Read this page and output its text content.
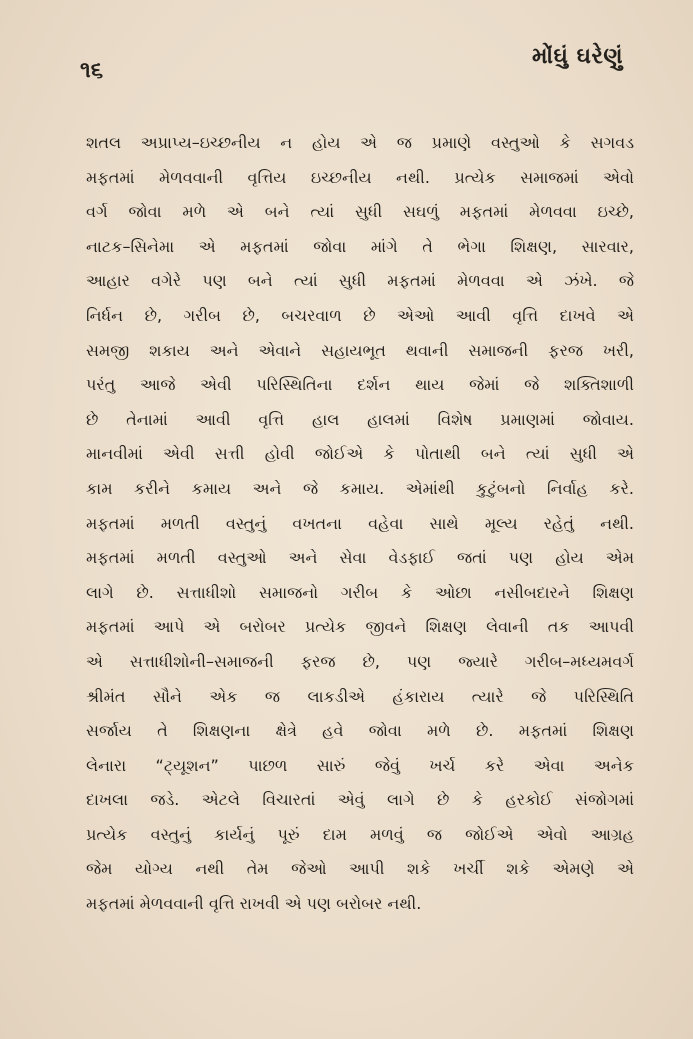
૧૬
મોંઘું ઘરેણું
શતલ અપ્રાપ્ય–ઇચ્છનીય ન હોય એ જ પ્રમાણે વસ્તુઓ કે સગવડ
મફતમાં મેળવવાની વૃત્તિય ઇચ્છનીય નથી. પ્રત્યેક સમાજમાં એવો
વર્ગ જોવા મળે એ બને ત્યાં સુધી સઘળું મફતમાં મેળવવા ઇચ્છે,
નાટક–સિનેમા એ મફતમાં જોવા માંગે તે ભેગા શિક્ષણ, સારવાર,
આહાર વગેરે પણ બને ત્યાં સુધી મફતમાં મેળવવા એ ઝંખે. જે
નિર્ધન છે, ગરીબ છે, બચરવાળ છે એઓ આવી વૃત્તિ દાખવે એ
સમજી શકાય અને એવાને સહાયભૂત થવાની સમાજની ફરજ ખરી,
પરંતુ આજે એવી પરિસ્થિતિના દર્શન થાય જેમાં જે શક્તિશાળી
છે તેનામાં આવી વૃત્તિ હાલ હાલમાં વિશેષ પ્રમાણમાં જોવાય.
માનવીમાં એવી સત્તી હોવી જોઈએ કે પોતાથી બને ત્યાં સુધી એ
કામ કરીને કમાય અને જે કમાય. એમાંથી કુટુંબનો નિર્વાહ કરે.
મફતમાં મળતી વસ્તુનું વખતના વહેવા સાથે મૂલ્ય રહેતું નથી.
મફતમાં મળતી વસ્તુઓ અને સેવા વેડફાઈ જતાં પણ હોય એમ
લાગે છે. સત્તાધીશો સમાજનો ગરીબ કે ઓછા નસીબદારને શિક્ષણ
મફતમાં આપે એ બરોબર પ્રત્યેક જીવને શિક્ષણ લેવાની તક આપવી
એ સત્તાધીશોની–સમાજની ફરજ છે, પણ જ્યારે ગરીબ–મધ્યમવર્ગ
શ્રીમંત સૌને એક જ લાકડીએ હંકારાય ત્યારે જે પરિસ્થિતિ
સર્જાય તે શિક્ષણના ક્ષેત્રે હવે જોવા મળે છે. મફતમાં શિક્ષણ
લેનારા “ટ્યૂશન” પાછળ સારું જેવું ખર્ચ કરે એવા અનેક
દાખલા જડે. એટલે વિચારતાં એવું લાગે છે કે હરકોઈ સંજોગમાં
પ્રત્યેક વસ્તુનું કાર્યનું પૂરું દામ મળવું જ જોઈએ એવો આગ્રહ
જેમ યોગ્ય નથી તેમ જેઓ આપી શકે ખર્ચી શકે એમણે એ
મફતમાં મેળવવાની વૃત્તિ રાખવી એ પણ બરોબર નથી.
